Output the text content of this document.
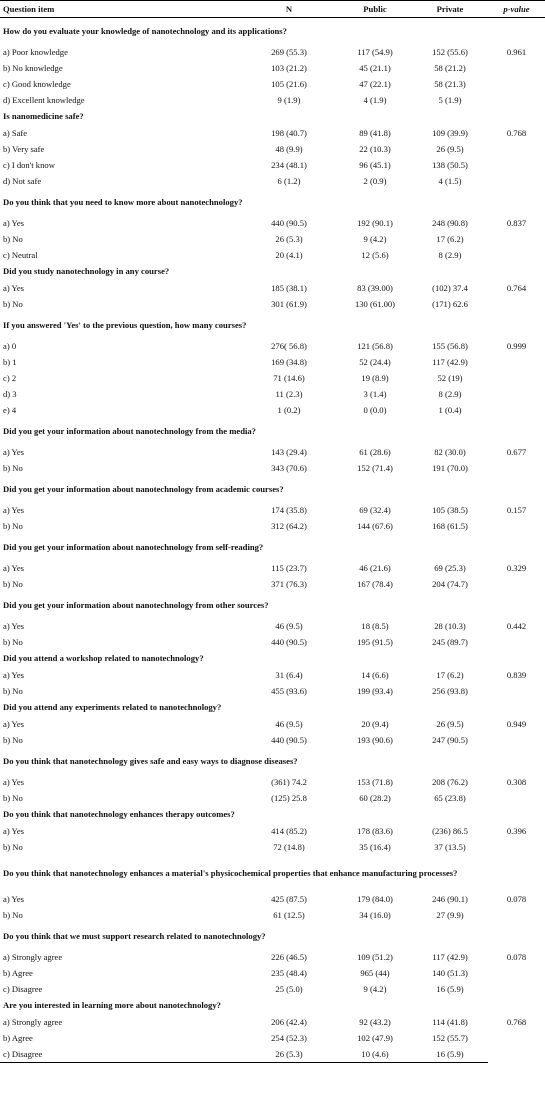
Question item	N	Public	Private	p-value
How do you evaluate your knowledge of nanotechnology and its applications?				
a) Poor knowledge	269 (55.3)	117 (54.9)	152 (55.6)	0.961
b) No knowledge	103 (21.2)	45 (21.1)	58 (21.2)	
c) Good knowledge	105 (21.6)	47 (22.1)	58 (21.3)	
d) Excellent knowledge	9 (1.9)	4 (1.9)	5 (1.9)	
Is nanomedicine safe?				
a) Safe	198 (40.7)	89 (41.8)	109 (39.9)	0.768
b) Very safe	48 (9.9)	22 (10.3)	26 (9.5)	
c) I don't know	234 (48.1)	96 (45.1)	138 (50.5)	
d) Not safe	6 (1.2)	2 (0.9)	4 (1.5)	
Do you think that you need to know more about nanotechnology?				
a) Yes	440 (90.5)	192 (90.1)	248 (90.8)	0.837
b) No	26 (5.3)	9 (4.2)	17 (6.2)	
c) Neutral	20 (4.1)	12 (5.6)	8 (2.9)	
Did you study nanotechnology in any course?				
a) Yes	185 (38.1)	83 (39.00)	(102) 37.4	0.764
b) No	301 (61.9)	130 (61.00)	(171) 62.6	
If you answered 'Yes' to the previous question, how many courses?				
a) 0	276( 56.8)	121 (56.8)	155 (56.8)	0.999
b) 1	169 (34.8)	52 (24.4)	117 (42.9)	
c) 2	71 (14.6)	19 (8.9)	52 (19)	
d) 3	11 (2.3)	3 (1.4)	8 (2.9)	
e) 4	1 (0.2)	0 (0.0)	1 (0.4)	
Did you get your information about nanotechnology from the media?				
a) Yes	143 (29.4)	61 (28.6)	82 (30.0)	0.677
b) No	343 (70.6)	152 (71.4)	191 (70.0)	
Did you get your information about nanotechnology from academic courses?				
a) Yes	174 (35.8)	69 (32.4)	105 (38.5)	0.157
b) No	312 (64.2)	144 (67.6)	168 (61.5)	
Did you get your information about nanotechnology from self-reading?				
a) Yes	115 (23.7)	46 (21.6)	69 (25.3)	0.329
b) No	371 (76.3)	167 (78.4)	204 (74.7)	
Did you get your information about nanotechnology from other sources?				
a) Yes	46 (9.5)	18 (8.5)	28 (10.3)	0.442
b) No	440 (90.5)	195 (91.5)	245 (89.7)	
Did you attend a workshop related to nanotechnology?				
a) Yes	31 (6.4)	14 (6.6)	17 (6.2)	0.839
b) No	455 (93.6)	199 (93.4)	256 (93.8)	
Did you attend any experiments related to nanotechnology?				
a) Yes	46 (9.5)	20 (9.4)	26 (9.5)	0.949
b) No	440 (90.5)	193 (90.6)	247 (90.5)	
Do you think that nanotechnology gives safe and easy ways to diagnose diseases?				
a) Yes	(361) 74.2	153 (71.8)	208 (76.2)	0.308
b) No	(125) 25.8	60 (28.2)	65 (23.8)	
Do you think that nanotechnology enhances therapy outcomes?				
a) Yes	414 (85.2)	178 (83.6)	(236) 86.5	0.396
b) No	72 (14.8)	35 (16.4)	37 (13.5)	
Do you think that nanotechnology enhances a material's physicochemical properties that enhance manufacturing processes?				
a) Yes	425 (87.5)	179 (84.0)	246 (90.1)	0.078
b) No	61 (12.5)	34 (16.0)	27 (9.9)	
Do you think that we must support research related to nanotechnology?				
a) Strongly agree	226 (46.5)	109 (51.2)	117 (42.9)	0.078
b) Agree	235 (48.4)	965 (44)	140 (51.3)	
c) Disagree	25 (5.0)	9 (4.2)	16 (5.9)	
Are you interested in learning more about nanotechnology?				
a) Strongly agree	206 (42.4)	92 (43.2)	114 (41.8)	0.768
b) Agree	254 (52.3)	102 (47.9)	152 (55.7)	
c) Disagree	26 (5.3)	10 (4.6)	16 (5.9)	
